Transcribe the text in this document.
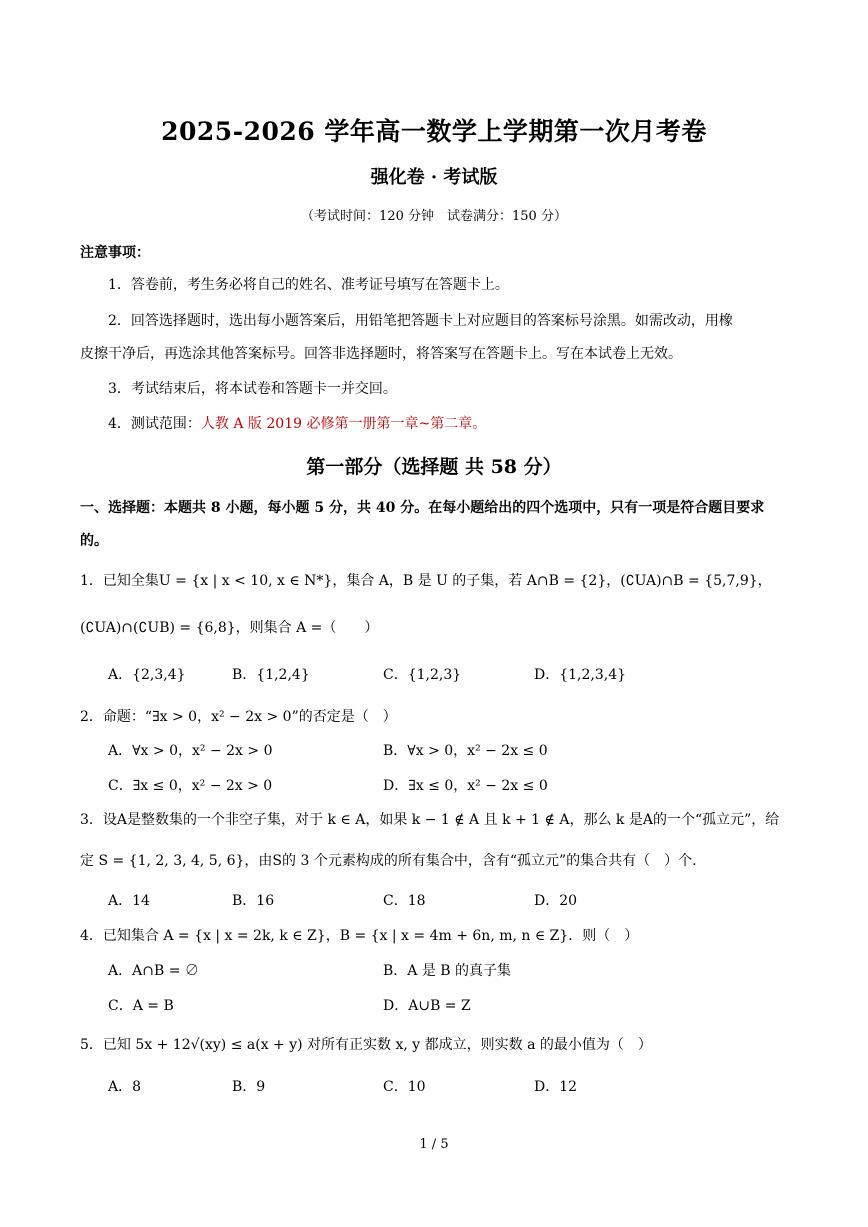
2025-2026 学年高一数学上学期第一次月考卷
强化卷 · 考试版
（考试时间：120 分钟　试卷满分：150 分）
注意事项：
1．答卷前，考生务必将自己的姓名、准考证号填写在答题卡上。
2．回答选择题时，选出每小题答案后，用铅笔把答题卡上对应题目的答案标号涂黑。如需改动，用橡
皮擦干净后，再选涂其他答案标号。回答非选择题时，将答案写在答题卡上。写在本试卷上无效。
3．考试结束后，将本试卷和答题卡一并交回。
4．测试范围：人教 A 版 2019 必修第一册第一章~第二章。
第一部分（选择题 共 58 分）
一、选择题：本题共 8 小题，每小题 5 分，共 40 分。在每小题给出的四个选项中，只有一项是符合题目要求的。
1．已知全集U = {x | x < 10, x ∈ N*}，集合 A，B 是 U 的子集，若 A∩B = {2}，(∁UA)∩B = {5,7,9}，
(∁UA)∩(∁UB) = {6,8}，则集合 A =（　　）
A．{2,3,4}	B．{1,2,4}	C．{1,2,3}	D．{1,2,3,4}
2．命题：“∃x > 0，x² − 2x > 0”的否定是（　）
A．∀x > 0，x² − 2x > 0	B．∀x > 0，x² − 2x ≤ 0
C．∃x ≤ 0，x² − 2x > 0	D．∃x ≤ 0，x² − 2x ≤ 0
3．设A是整数集的一个非空子集，对于 k ∈ A，如果 k − 1 ∉ A 且 k + 1 ∉ A，那么 k 是A的一个“孤立元”，给
定 S = {1, 2, 3, 4, 5, 6}，由S的 3 个元素构成的所有集合中，含有“孤立元”的集合共有（　）个.
A．14	B．16	C．18	D．20
4．已知集合 A = {x | x = 2k, k ∈ Z}，B = {x | x = 4m + 6n, m, n ∈ Z}．则（　）
A．A∩B = ∅	B．A 是 B 的真子集
C．A = B	D．A∪B = Z
5．已知 5x + 12√(xy) ≤ a(x + y) 对所有正实数 x, y 都成立，则实数 a 的最小值为（　）
A．8	B．9	C．10	D．12
1 / 5
